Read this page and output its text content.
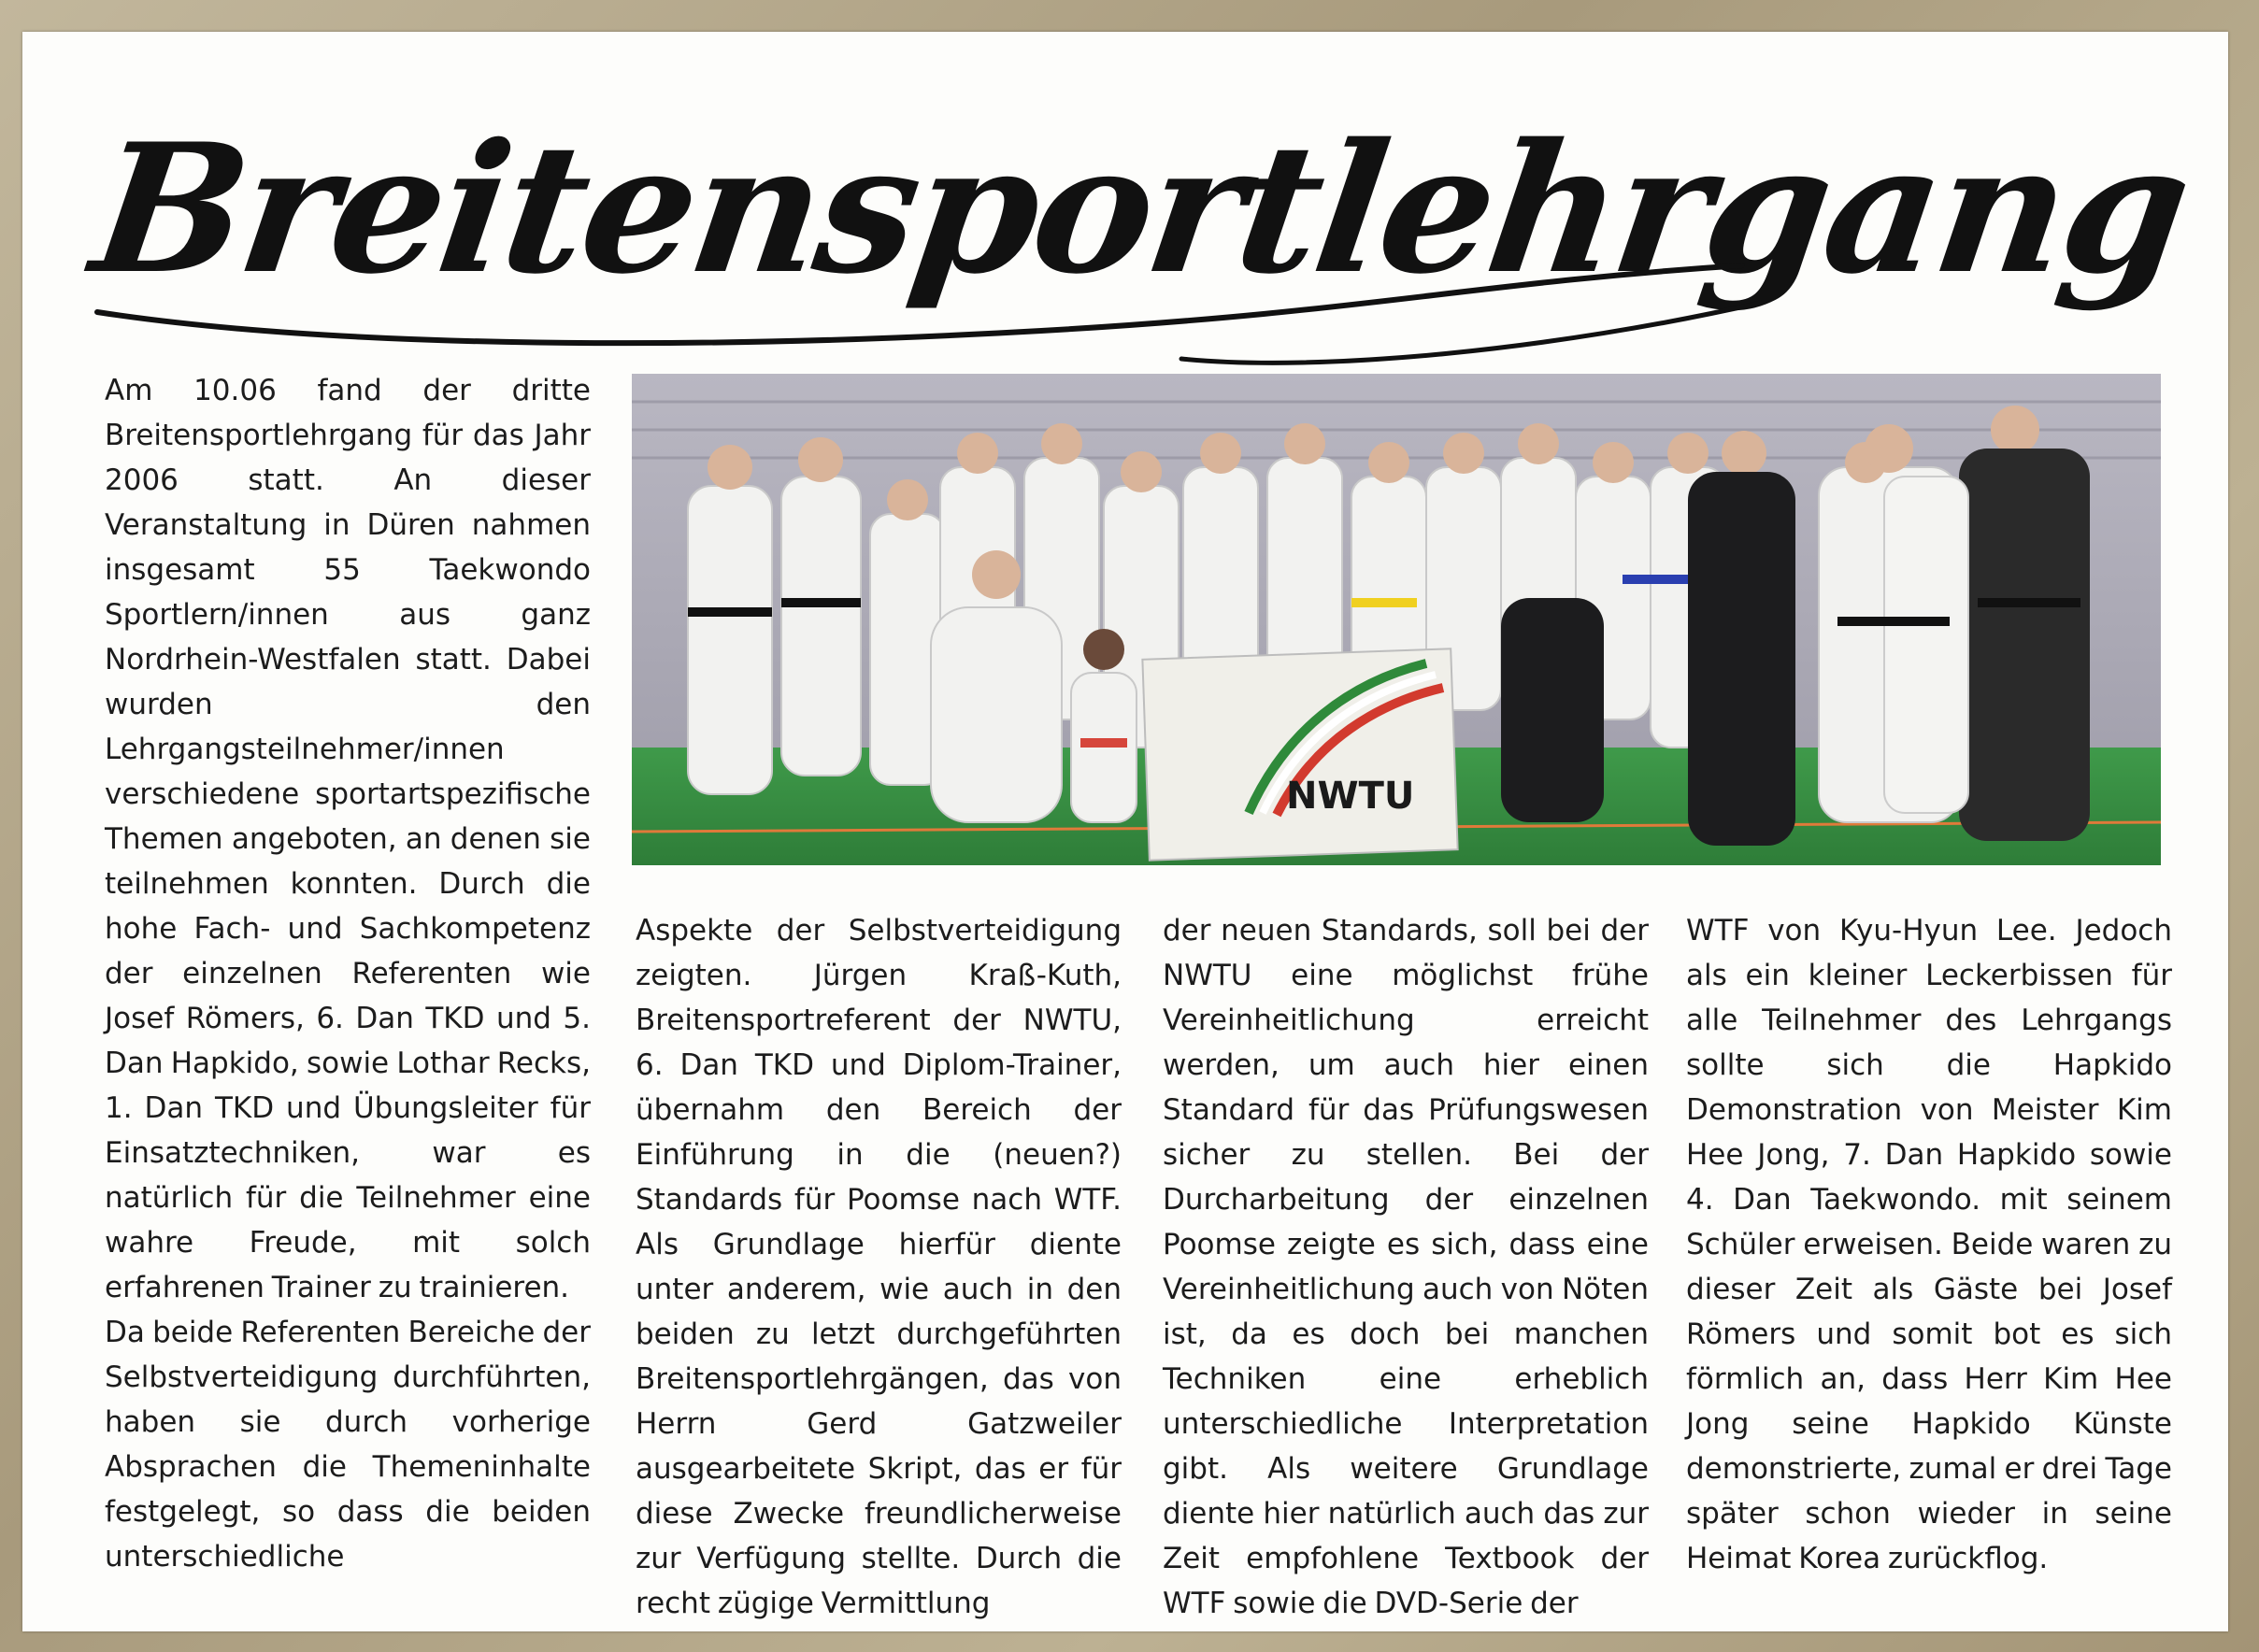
Breitensportlehrgang

Am 10.06 fand der dritte Breitensportlehrgang für das Jahr 2006 statt. An dieser Veranstaltung in Düren nahmen insgesamt 55 Taekwondo Sportlern/innen aus ganz Nordrhein-Westfalen statt. Dabei wurden den Lehrgangsteilnehmer/innen verschiedene sportartspezifische Themen angeboten, an denen sie teilnehmen konnten. Durch die hohe Fach- und Sachkompetenz der einzelnen Referenten wie Josef Römers, 6. Dan TKD und 5. Dan Hapkido, sowie Lothar Recks, 1. Dan TKD und Übungsleiter für Einsatztechniken, war es natürlich für die Teilnehmer eine wahre Freude, mit solch erfahrenen Trainer zu trainieren.

Da beide Referenten Bereiche der Selbstverteidigung durchführten, haben sie durch vorherige Absprachen die Themeninhalte festgelegt, so dass die beiden unterschiedliche

NWTU

Aspekte der Selbstverteidigung zeigten. Jürgen Kraß-Kuth, Breitensportreferent der NWTU, 6. Dan TKD und Diplom-Trainer, übernahm den Bereich der Einführung in die (neuen?) Standards für Poomse nach WTF. Als Grundlage hierfür diente unter anderem, wie auch in den beiden zu letzt durchgeführten Breitensportlehrgängen, das von Herrn Gerd Gatzweiler ausgearbeitete Skript, das er für diese Zwecke freundlicherweise zur Verfügung stellte. Durch die recht zügige Vermittlung

der neuen Standards, soll bei der NWTU eine möglichst frühe Vereinheitlichung erreicht werden, um auch hier einen Standard für das Prüfungswesen sicher zu stellen. Bei der Durcharbeitung der einzelnen Poomse zeigte es sich, dass eine Vereinheitlichung auch von Nöten ist, da es doch bei manchen Techniken eine erheblich unterschiedliche Interpretation gibt. Als weitere Grundlage diente hier natürlich auch das zur Zeit empfohlene Textbook der WTF sowie die DVD-Serie der

WTF von Kyu-Hyun Lee. Jedoch als ein kleiner Leckerbissen für alle Teilnehmer des Lehrgangs sollte sich die Hapkido Demonstration von Meister Kim Hee Jong, 7. Dan Hapkido sowie 4. Dan Taekwondo. mit seinem Schüler erweisen. Beide waren zu dieser Zeit als Gäste bei Josef Römers und somit bot es sich förmlich an, dass Herr Kim Hee Jong seine Hapkido Künste demonstrierte, zumal er drei Tage später schon wieder in seine Heimat Korea zurückflog.
